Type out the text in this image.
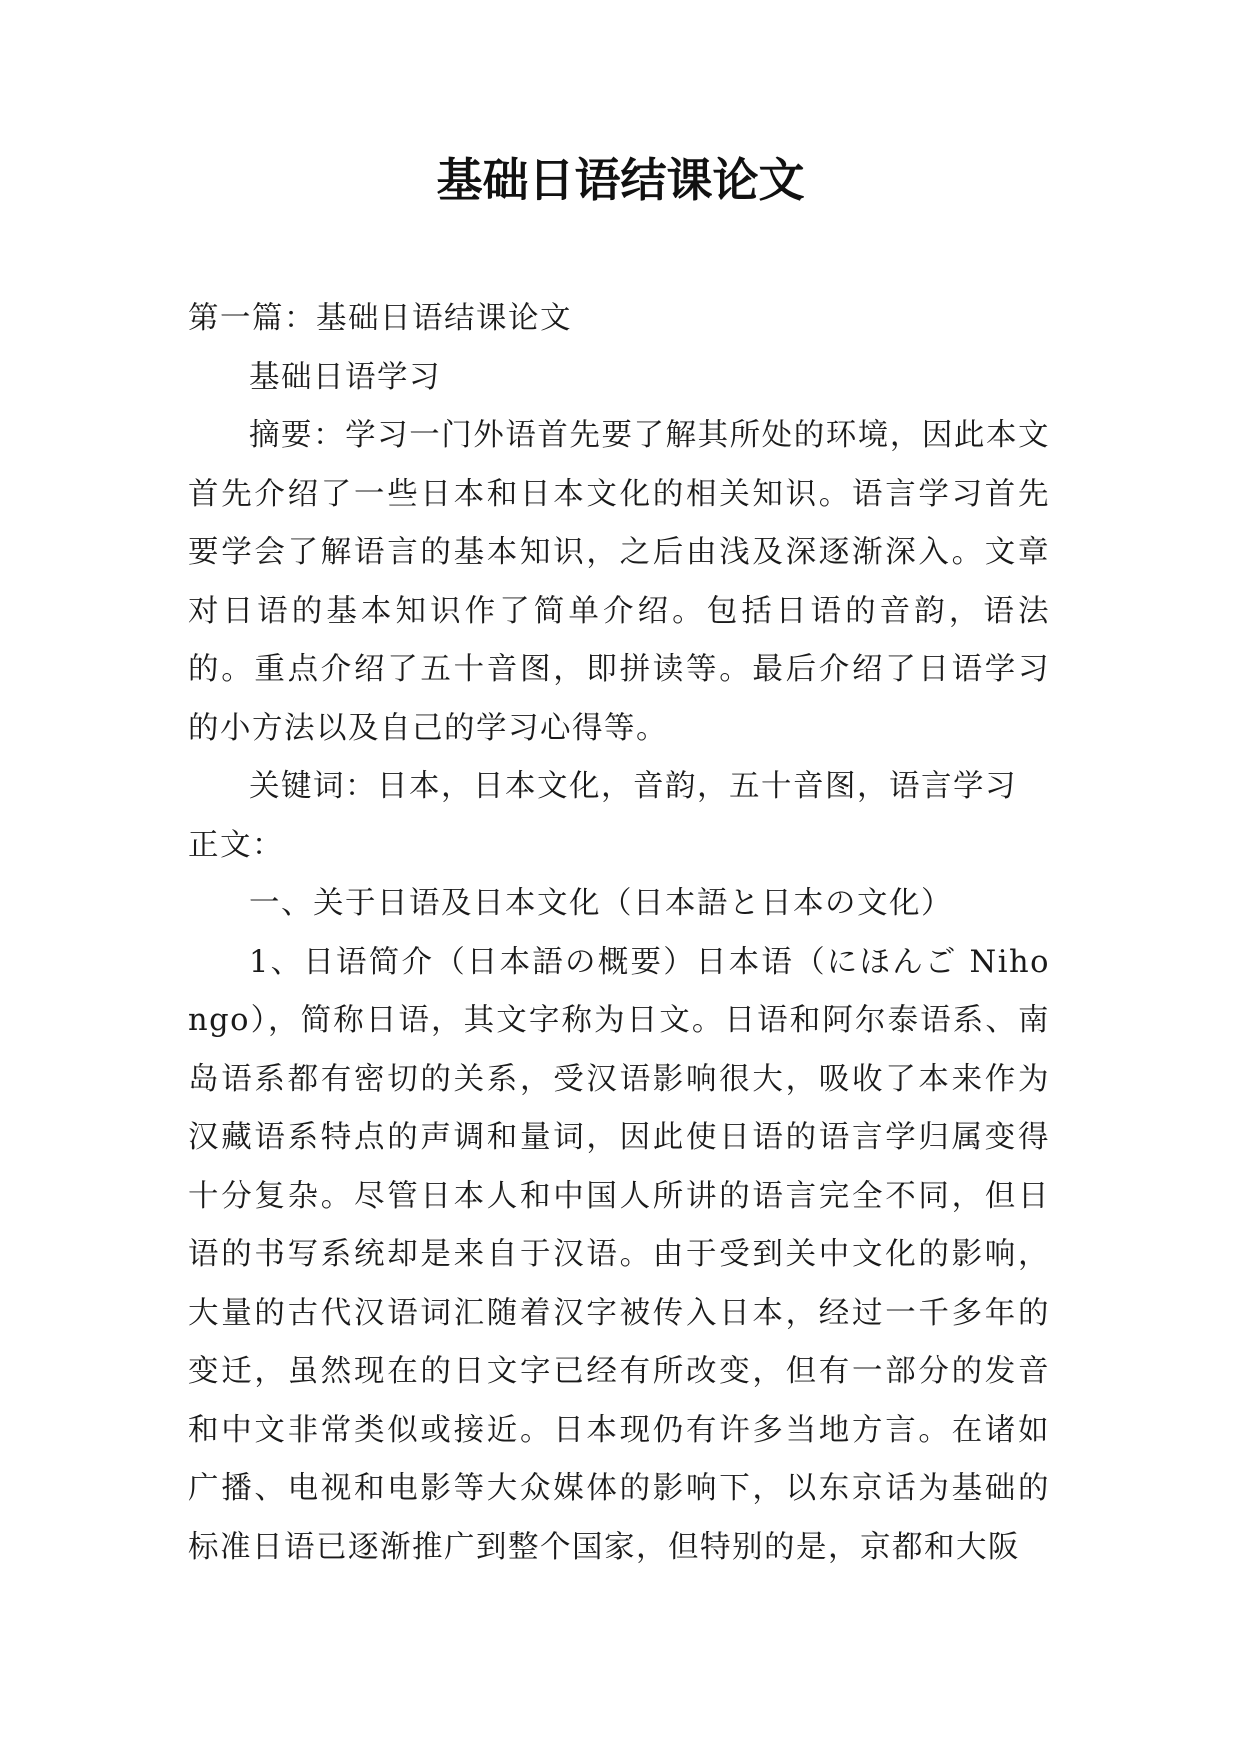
基础日语结课论文

第一篇：基础日语结课论文

基础日语学习

摘要：学习一门外语首先要了解其所处的环境，因此本文首先介绍了一些日本和日本文化的相关知识。语言学习首先要学会了解语言的基本知识，之后由浅及深逐渐深入。文章对日语的基本知识作了简单介绍。包括日语的音韵，语法的。重点介绍了五十音图，即拼读等。最后介绍了日语学习的小方法以及自己的学习心得等。

关键词：日本，日本文化，音韵，五十音图，语言学习

正文：

一、关于日语及日本文化（日本語と日本の文化）

1、日语简介（日本語の概要）日本语（にほんご Nihongo），简称日语，其文字称为日文。日语和阿尔泰语系、南岛语系都有密切的关系，受汉语影响很大，吸收了本来作为汉藏语系特点的声调和量词，因此使日语的语言学归属变得十分复杂。尽管日本人和中国人所讲的语言完全不同，但日语的书写系统却是来自于汉语。由于受到关中文化的影响，大量的古代汉语词汇随着汉字被传入日本，经过一千多年的变迁，虽然现在的日文字已经有所改变，但有一部分的发音和中文非常类似或接近。日本现仍有许多当地方言。在诸如广播、电视和电影等大众媒体的影响下，以东京话为基础的标准日语已逐渐推广到整个国家，但特别的是，京都和大阪
